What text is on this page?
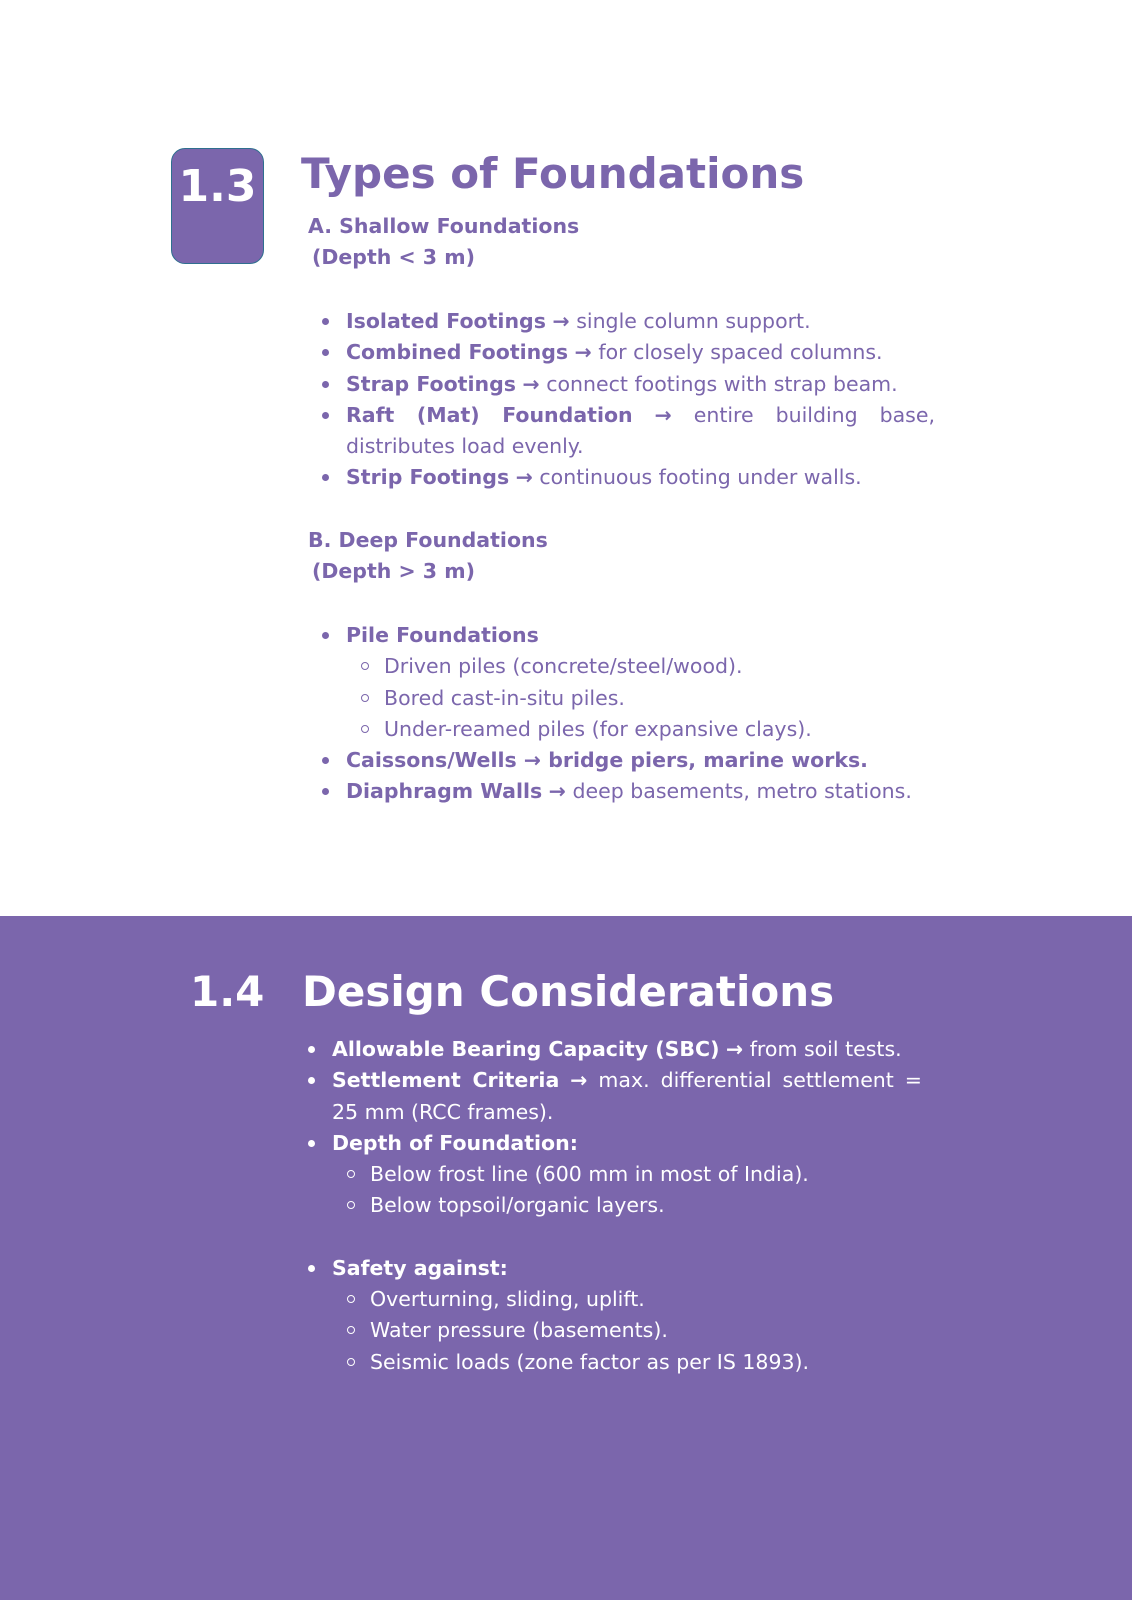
1.3 Types of Foundations
A. Shallow Foundations
(Depth < 3 m)
Isolated Footings → single column support.
Combined Footings → for closely spaced columns.
Strap Footings → connect footings with strap beam.
Raft (Mat) Foundation → entire building base, distributes load evenly.
Strip Footings → continuous footing under walls.
B. Deep Foundations
(Depth > 3 m)
Pile Foundations
Driven piles (concrete/steel/wood).
Bored cast-in-situ piles.
Under-reamed piles (for expansive clays).
Caissons/Wells → bridge piers, marine works.
Diaphragm Walls → deep basements, metro stations.
1.4 Design Considerations
Allowable Bearing Capacity (SBC) → from soil tests.
Settlement Criteria → max. differential settlement = 25 mm (RCC frames).
Depth of Foundation:
Below frost line (600 mm in most of India).
Below topsoil/organic layers.
Safety against:
Overturning, sliding, uplift.
Water pressure (basements).
Seismic loads (zone factor as per IS 1893).
